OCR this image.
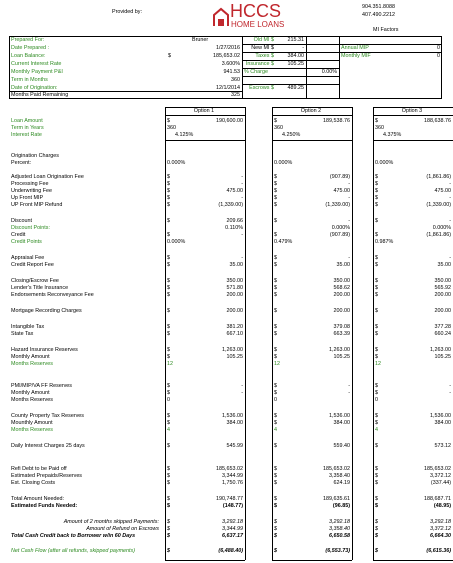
Provided by:	HCCS
HOME LOANS
904.351.8088
407.490.2212
MI Factors
Prepared For:	Bruner
Date Prepared :	1/27/2016
Loan Balance:	$	185,653.02
Current Interest Rate	3.600%
Monthly Payment P&I	941.53
Term in Months	360
Date of Origination:	12/1/2014
Months Paid Remaining	325
Old MI $	215.31
New MI $	-
Taxes $	384.00
Insurance $	105.25
% Charge	0.00%
Escrows $	489.25
Annual MIP	0
Monthly MIF	0
Option 1	Option 2	Option 3
Loan Amount	$	190,600.00	$	189,538.76	$	188,638.76
Term in Years	360	360	360
Interest Rate	4.125%	4.250%	4.375%
Origination Charges
Percent:	0.000%	0.000%	0.000%
Adjusted Loan Origination Fee	$	-	$	(907.89)	$	(1,861.86)
Processing Fee	$	-	$	-	$	-
Underwriting Fee	$	475.00	$	475.00	$	475.00
Up Front MIP	$	-	$	-	$	-
UP Front MIP Refund	$	(1,339.00)	$	(1,339.00)	$	(1,339.00)
Discount	$	209.66	$	-	$	-
Discount Points:	0.110%	0.000%	0.000%
Credit	$	-	$	(907.89)	$	(1,861.86)
Credit Points	0.000%	0.479%	0.987%
Appraisal Fee	$	-	$	-	$	-
Credit Report Fee	$	35.00	$	35.00	$	35.00
Closing/Escrow Fee	$	350.00	$	350.00	$	350.00
Lender's Title Insurance	$	571.80	$	568.62	$	565.92
Endorsements Reconveyance Fee	$	200.00	$	200.00	$	200.00
Mortgage Recording Charges	$	200.00	$	200.00	$	200.00
Intangible Tax	$	381.20	$	379.08	$	377.28
State Tax	$	667.10	$	663.39	$	660.24
Hazard Insurance Reserves	$	1,263.00	$	1,263.00	$	1,263.00
Monthly Amount	$	105.25	$	105.25	$	105.25
Months Reserves	12	12	12
PMI/MIP/VA FF Reserves	$	-	$	-	$	-
Monthly Amount	$	-	$	-	$	-
Months Reserves	0	0	0
County Property Tax Reserves	$	1,536.00	$	1,536.00	$	1,536.00
Mounthly Amount	$	384.00	$	384.00	$	384.00
Months Reserves	4	4	4
Daily Interest Charges 25 days	$	545.99	$	559.40	$	573.12
Refi Debt to be Paid off	$	185,653.02	$	185,653.02	$	185,653.02
Estimated Prepaids/Reserves	$	3,344.99	$	3,358.40	$	3,372.12
Est. Closing Costs	$	1,750.76	$	624.19	$	(337.44)
Total Amount Needed:	$	190,748.77	$	189,635.61	$	188,687.71
Estimated Funds Needed:	$	(148.77)	$	(96.85)	$	(48.95)
Amount of 2 months skipped Payments: $	3,292.18	$	3,292.18	$	3,292.18
Amount of Refund on Escrows $	3,344.99	$	3,358.40	$	3,372.12
Total Cash Credit back to Borrower w/in 60 Days	$	6,637.17	$	6,650.58	$	6,664.30
Net Cash Flow (after all refunds, skipped payments)	$	(6,488.40)	$	(6,553.73)	$	(6,615.36)
